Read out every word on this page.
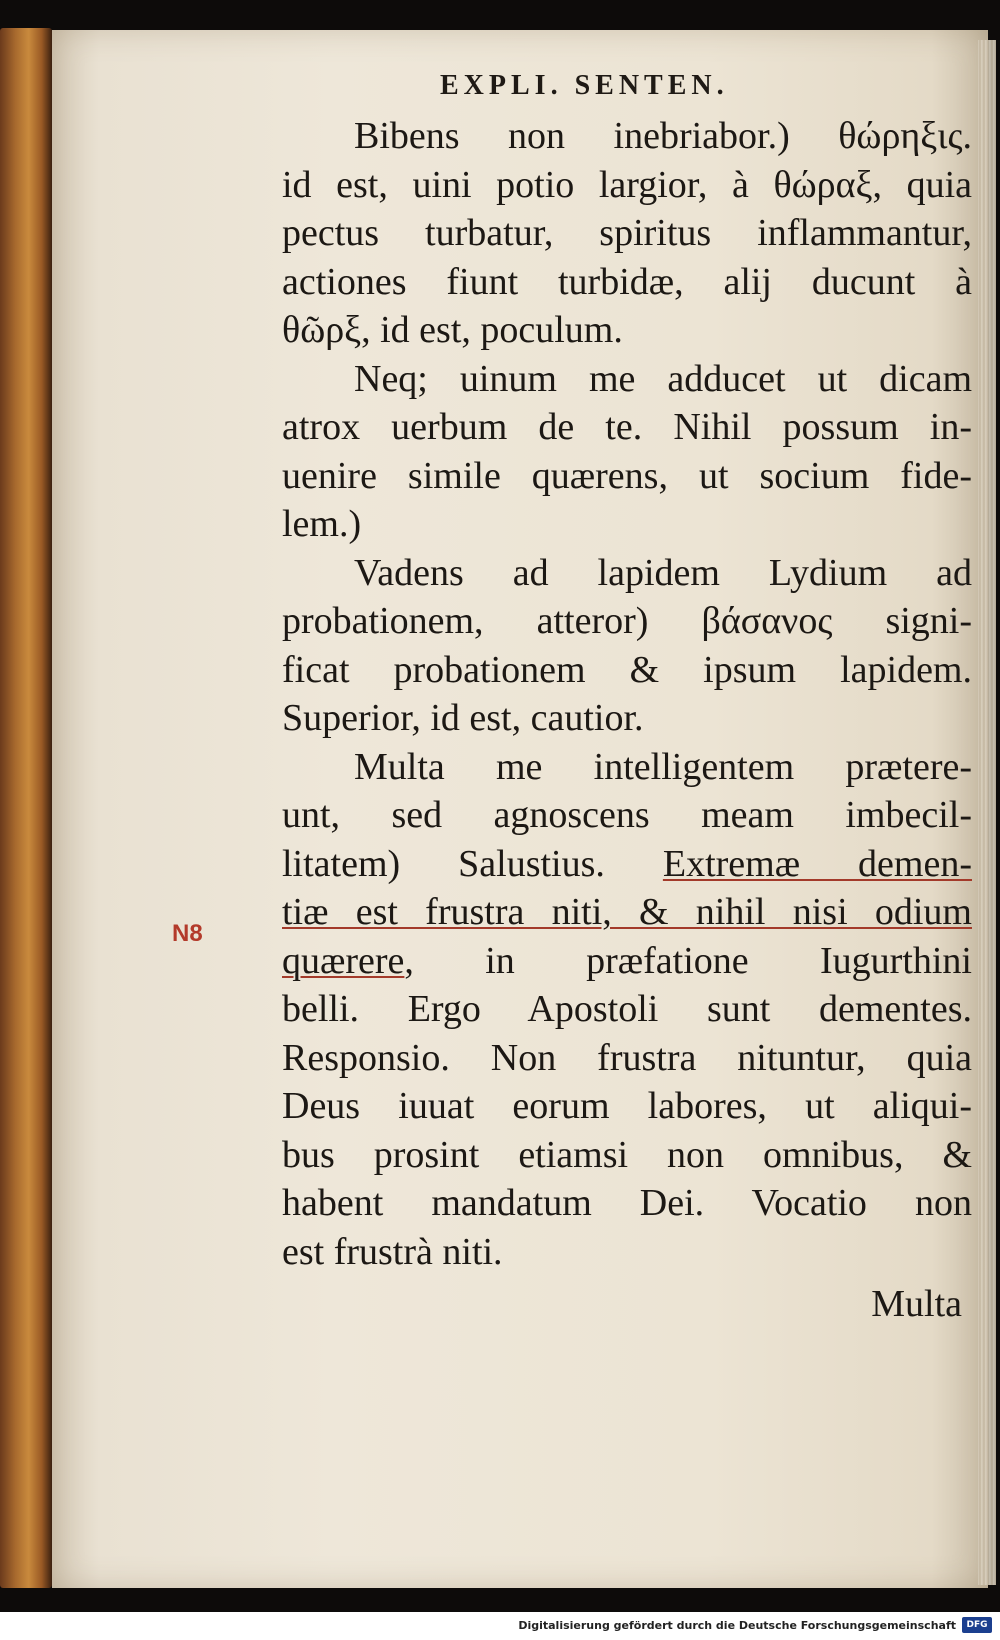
EXPLI. SENTEN.
N8
Bibens non inebriabor.) θώρηξις.
id est, uini potio largior, à θώραξ, quia
pectus turbatur, spiritus inflammantur,
actiones fiunt turbidæ, alij ducunt à
θῶρξ, id est, poculum.
Neq; uinum me adducet ut dicam
atrox uerbum de te. Nihil possum in-
uenire simile quærens, ut socium fide-
lem.)
Vadens ad lapidem Lydium ad
probationem, atteror) βάσανος signi-
ficat probationem & ipsum lapidem.
Superior, id est, cautior.
Multa me intelligentem prætere-
unt, sed agnoscens meam imbecil-
litatem) Salustius. Extremæ demen-
tiæ est frustra niti, & nihil nisi odium
quærere, in præfatione Iugurthini
belli. Ergo Apostoli sunt dementes.
Responsio. Non frustra nituntur, quia
Deus iuuat eorum labores, ut aliqui-
bus prosint etiamsi non omnibus, &
habent mandatum Dei. Vocatio non
est frustrà niti.
Multa
Digitalisierung gefördert durch die Deutsche Forschungsgemeinschaft	DFG
